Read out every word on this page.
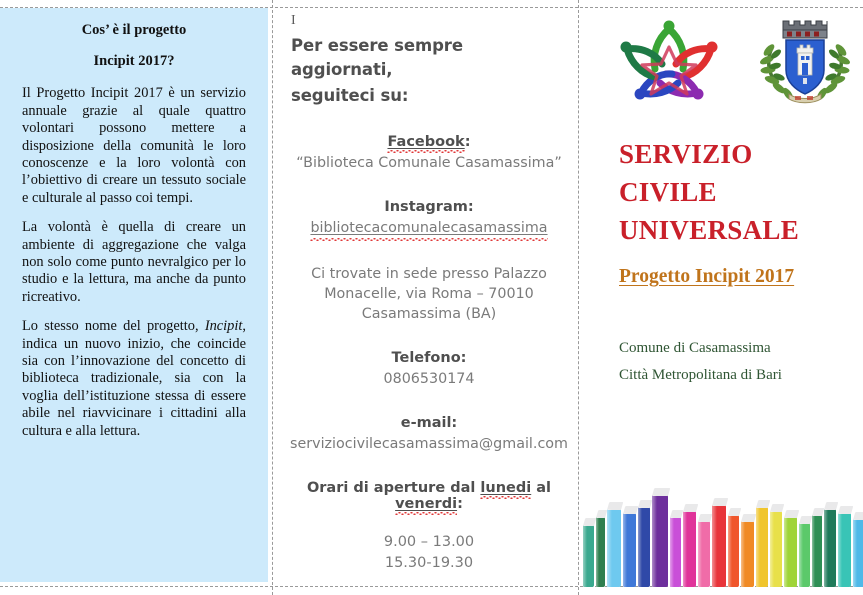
Cos’ è il progetto
Incipit 2017?

Il Progetto Incipit 2017 è un servizio annuale grazie al quale quattro volontari possono mettere a disposizione della comunità le loro conoscenze e la loro volontà con l’obiettivo di creare un tessuto sociale e culturale al passo coi tempi.

La volontà è quella di creare un ambiente di aggregazione che valga non solo come punto nevralgico per lo studio e la lettura, ma anche da punto ricreativo.

Lo stesso nome del progetto, Incipit, indica un nuovo inizio, che coincide sia con l’innovazione del concetto di biblioteca tradizionale, sia con la voglia dell’istituzione stessa di essere abile nel riavvicinare i cittadini alla cultura e alla lettura.

I
Per essere sempre aggiornati,
seguiteci su:
Facebook:
“Biblioteca Comunale Casamassima”
Instagram:
bibliotecacomunalecasamassima
Ci trovate in sede presso Palazzo
Monacelle, via Roma – 70010
Casamassima (BA)
Telefono:
0806530174
e-mail:
serviziocivilecasamassima@gmail.com
Orari di aperture dal lunedi al venerdi:
9.00 – 13.00
15.30-19.30
SERVIZIO
CIVILE
UNIVERSALE
Progetto Incipit 2017
Comune di Casamassima
Città Metropolitana di Bari
